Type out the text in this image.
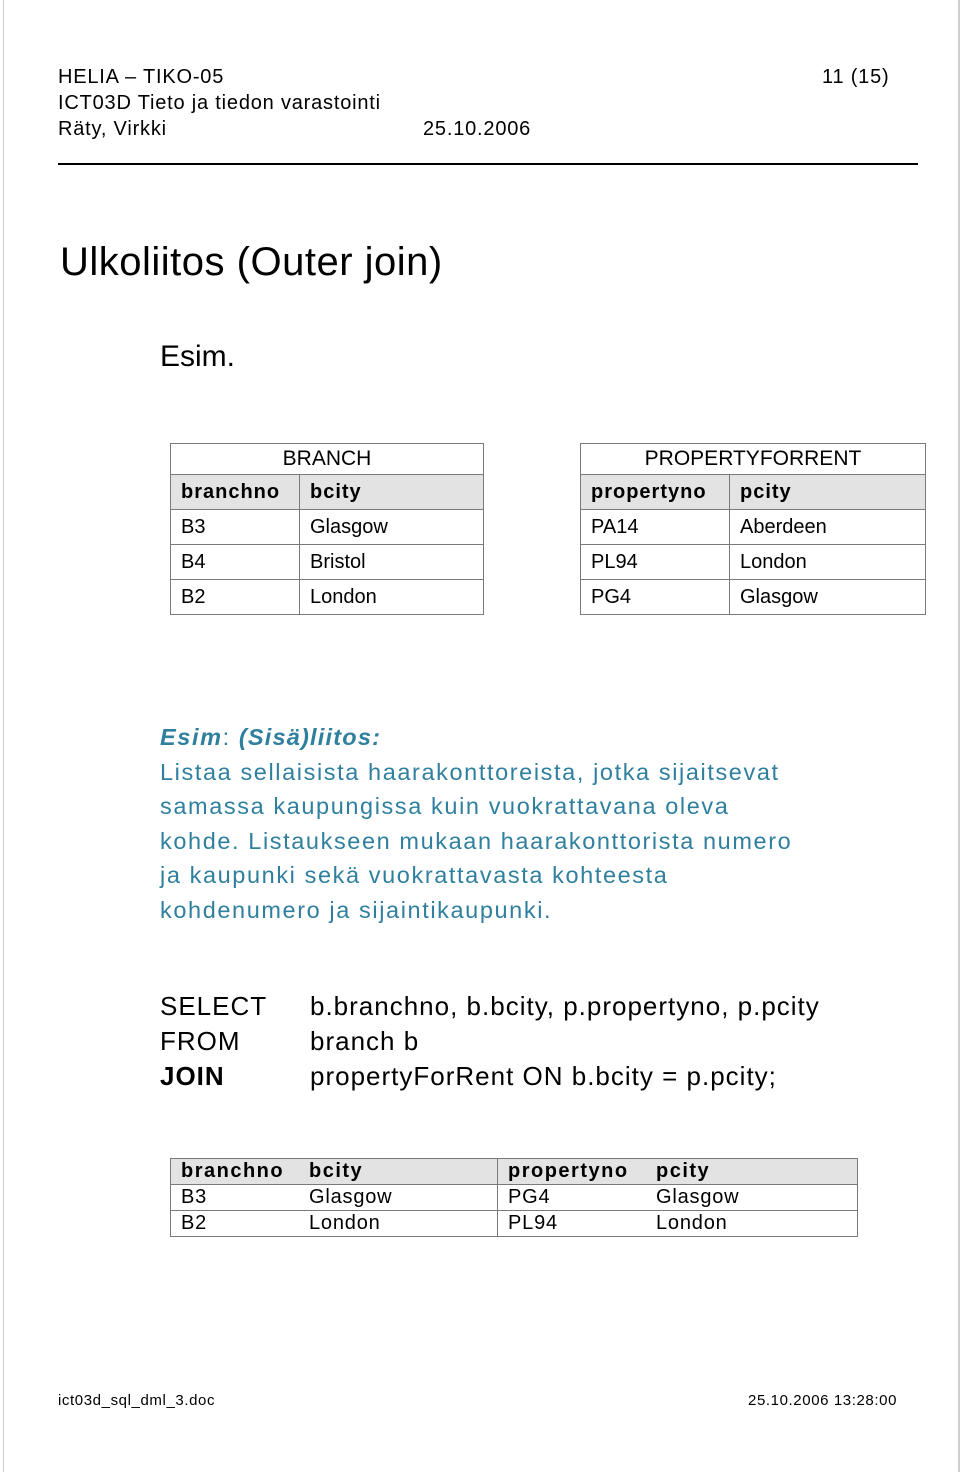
HELIA – TIKO-05	11 (15)
ICT03D Tieto ja tiedon varastointi
Räty, Virkki	25.10.2006
Ulkoliitos (Outer join)
Esim.
BRANCH	
branchno	bcity
B3	Glasgow
B4	Bristol
B2	London
PROPERTYFORRENT	
propertyno	pcity
PA14	Aberdeen
PL94	London
PG4	Glasgow
Esim: (Sisä)liitos:
Listaa sellaisista haarakonttoreista, jotka sijaitsevat
samassa kaupungissa kuin vuokrattavana oleva
kohde. Listaukseen mukaan haarakonttorista numero
ja kaupunki sekä vuokrattavasta kohteesta
kohdenumero ja sijaintikaupunki.
SELECT b.branchno, b.bcity, p.propertyno, p.pcity
FROM	branch b
JOIN	propertyForRent ON b.bcity = p.pcity;
branchno	bcity	propertyno	pcity
B3	Glasgow	PG4	Glasgow
B2	London	PL94	London
ict03d_sql_dml_3.doc	25.10.2006 13:28:00
